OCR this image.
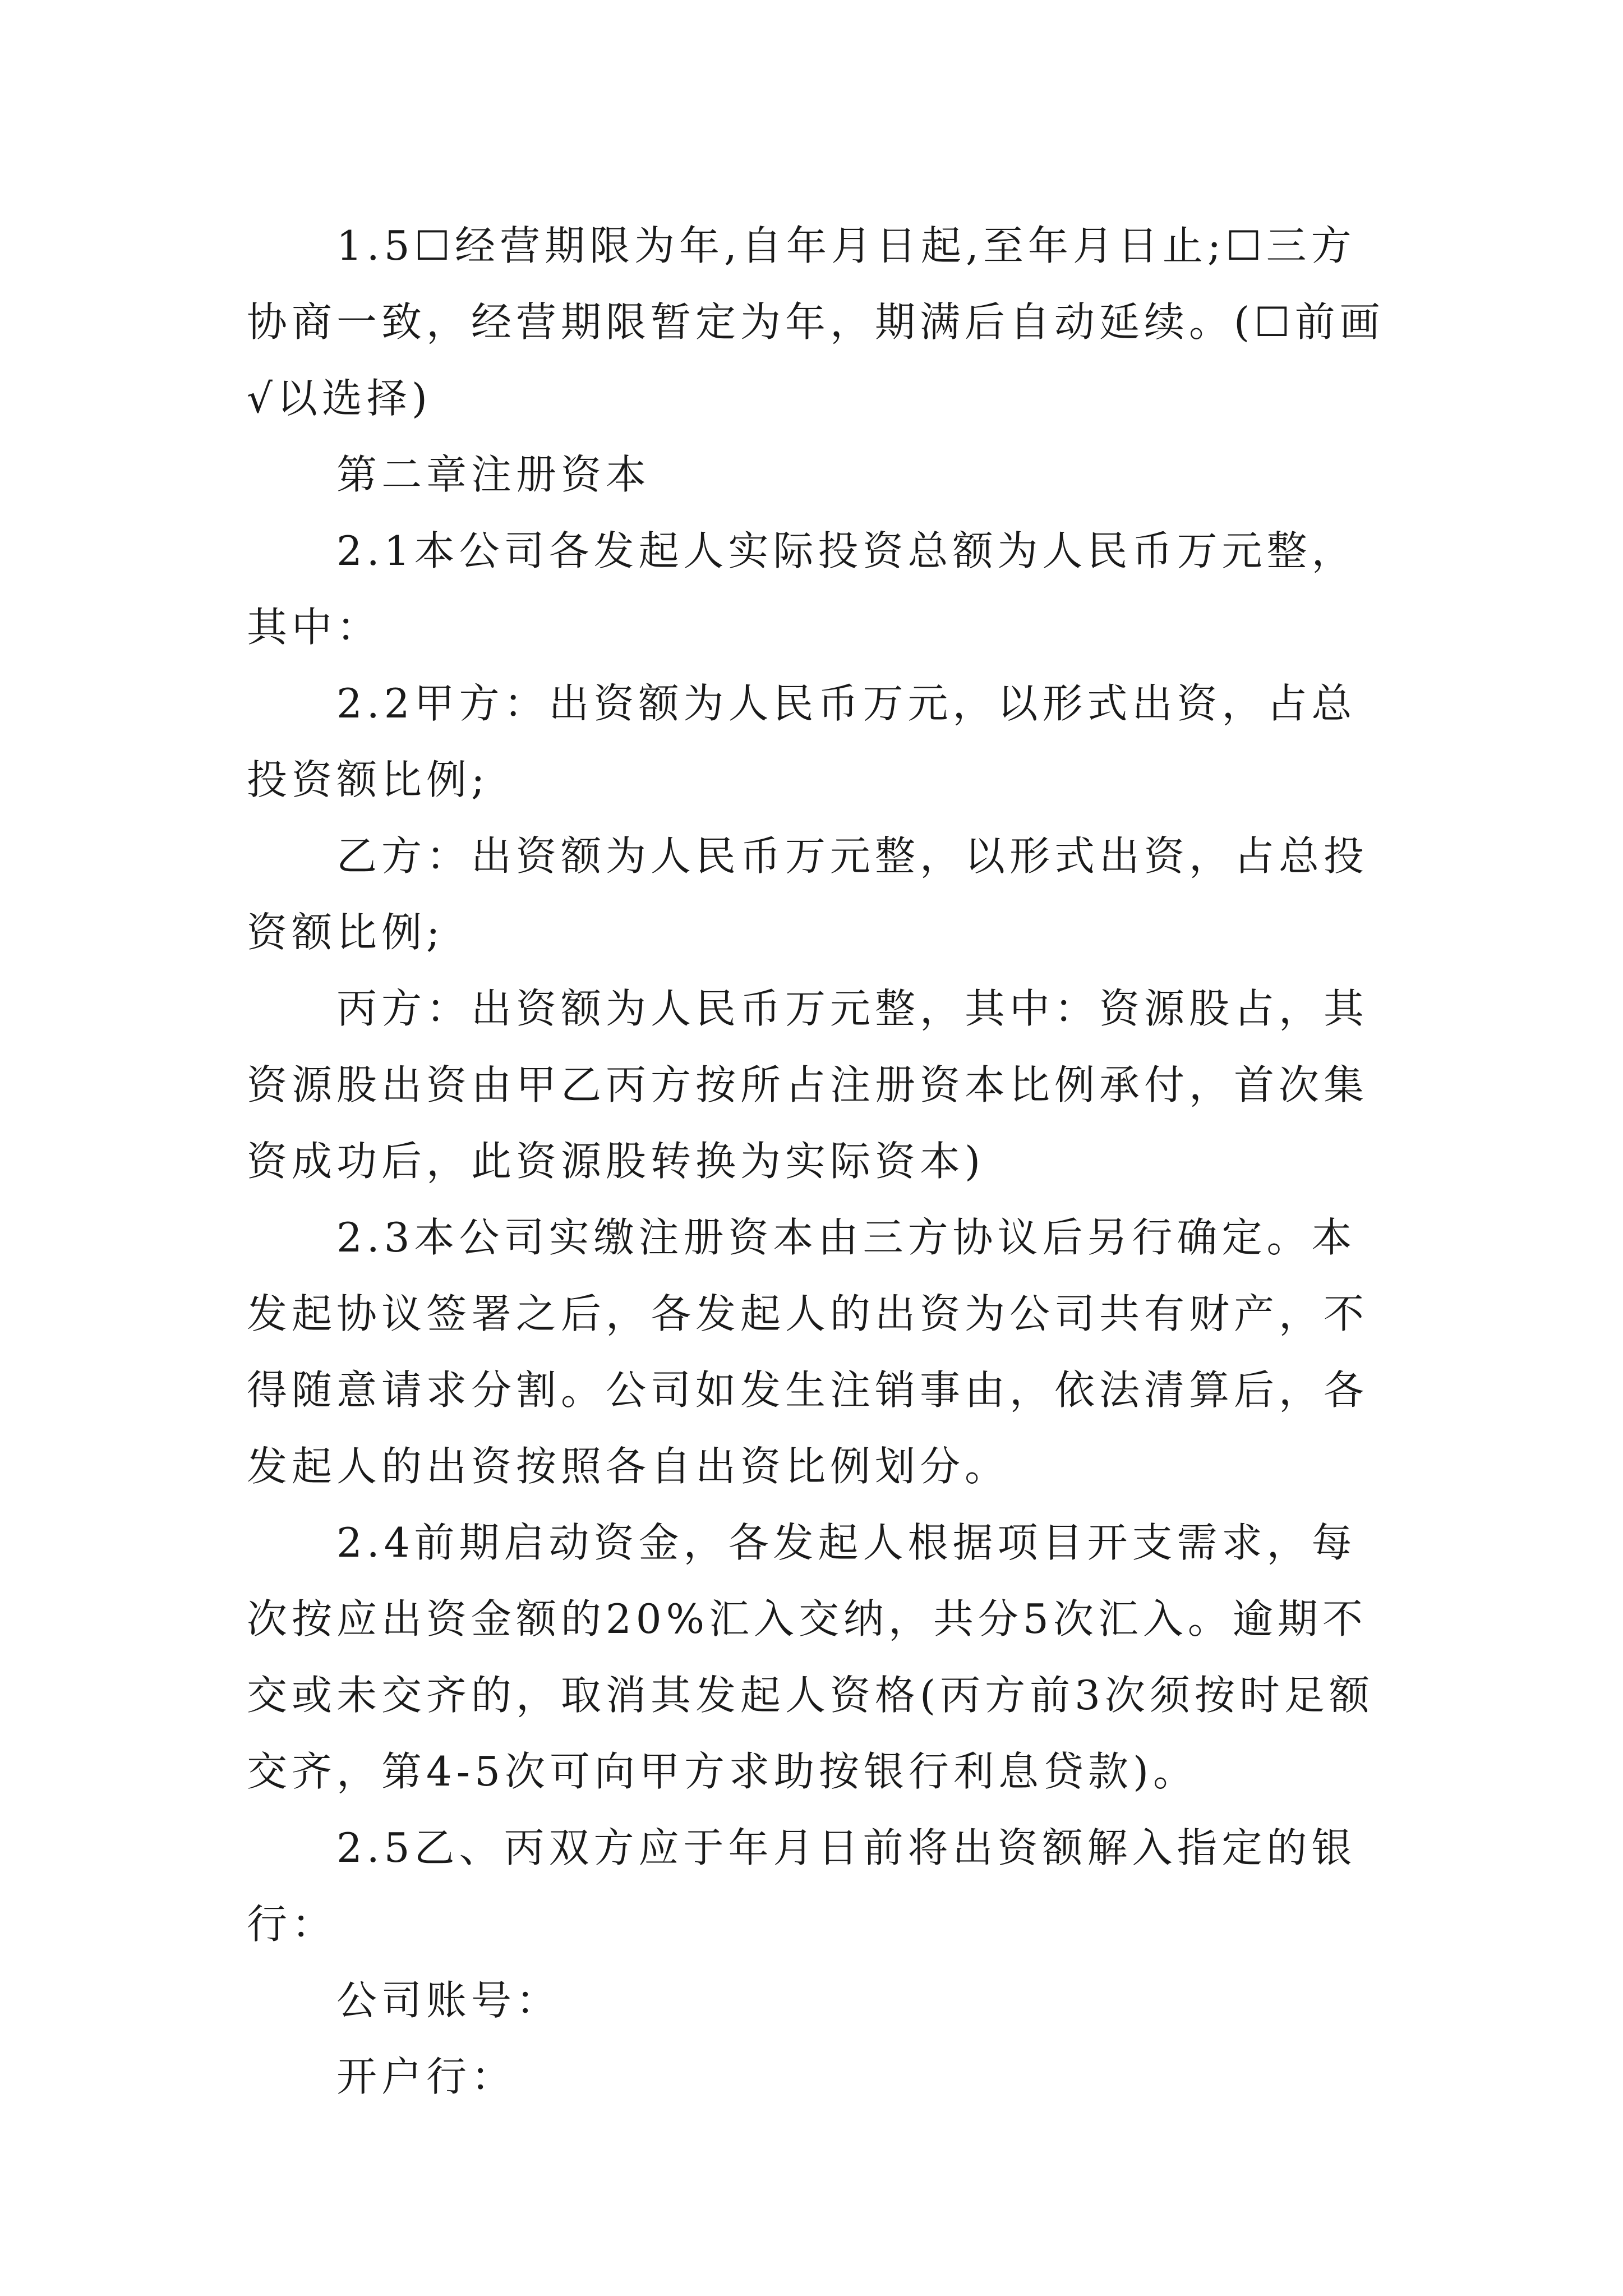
1.5☐经营期限为年,自年月日起,至年月日止;☐三方协商一致，经营期限暂定为年，期满后自动延续。(☐前画√以选择)

第二章注册资本

2.1本公司各发起人实际投资总额为人民币万元整，其中：

2.2甲方：出资额为人民币万元，以形式出资，占总投资额比例;

乙方：出资额为人民币万元整，以形式出资，占总投资额比例;

丙方：出资额为人民币万元整，其中：资源股占，其资源股出资由甲乙丙方按所占注册资本比例承付，首次集资成功后，此资源股转换为实际资本)

2.3本公司实缴注册资本由三方协议后另行确定。本发起协议签署之后，各发起人的出资为公司共有财产，不得随意请求分割。公司如发生注销事由，依法清算后，各发起人的出资按照各自出资比例划分。

2.4前期启动资金，各发起人根据项目开支需求，每次按应出资金额的20%汇入交纳，共分5次汇入。逾期不交或未交齐的，取消其发起人资格(丙方前3次须按时足额交齐，第4-5次可向甲方求助按银行利息贷款)。

2.5乙、丙双方应于年月日前将出资额解入指定的银行：

公司账号：

开户行：
